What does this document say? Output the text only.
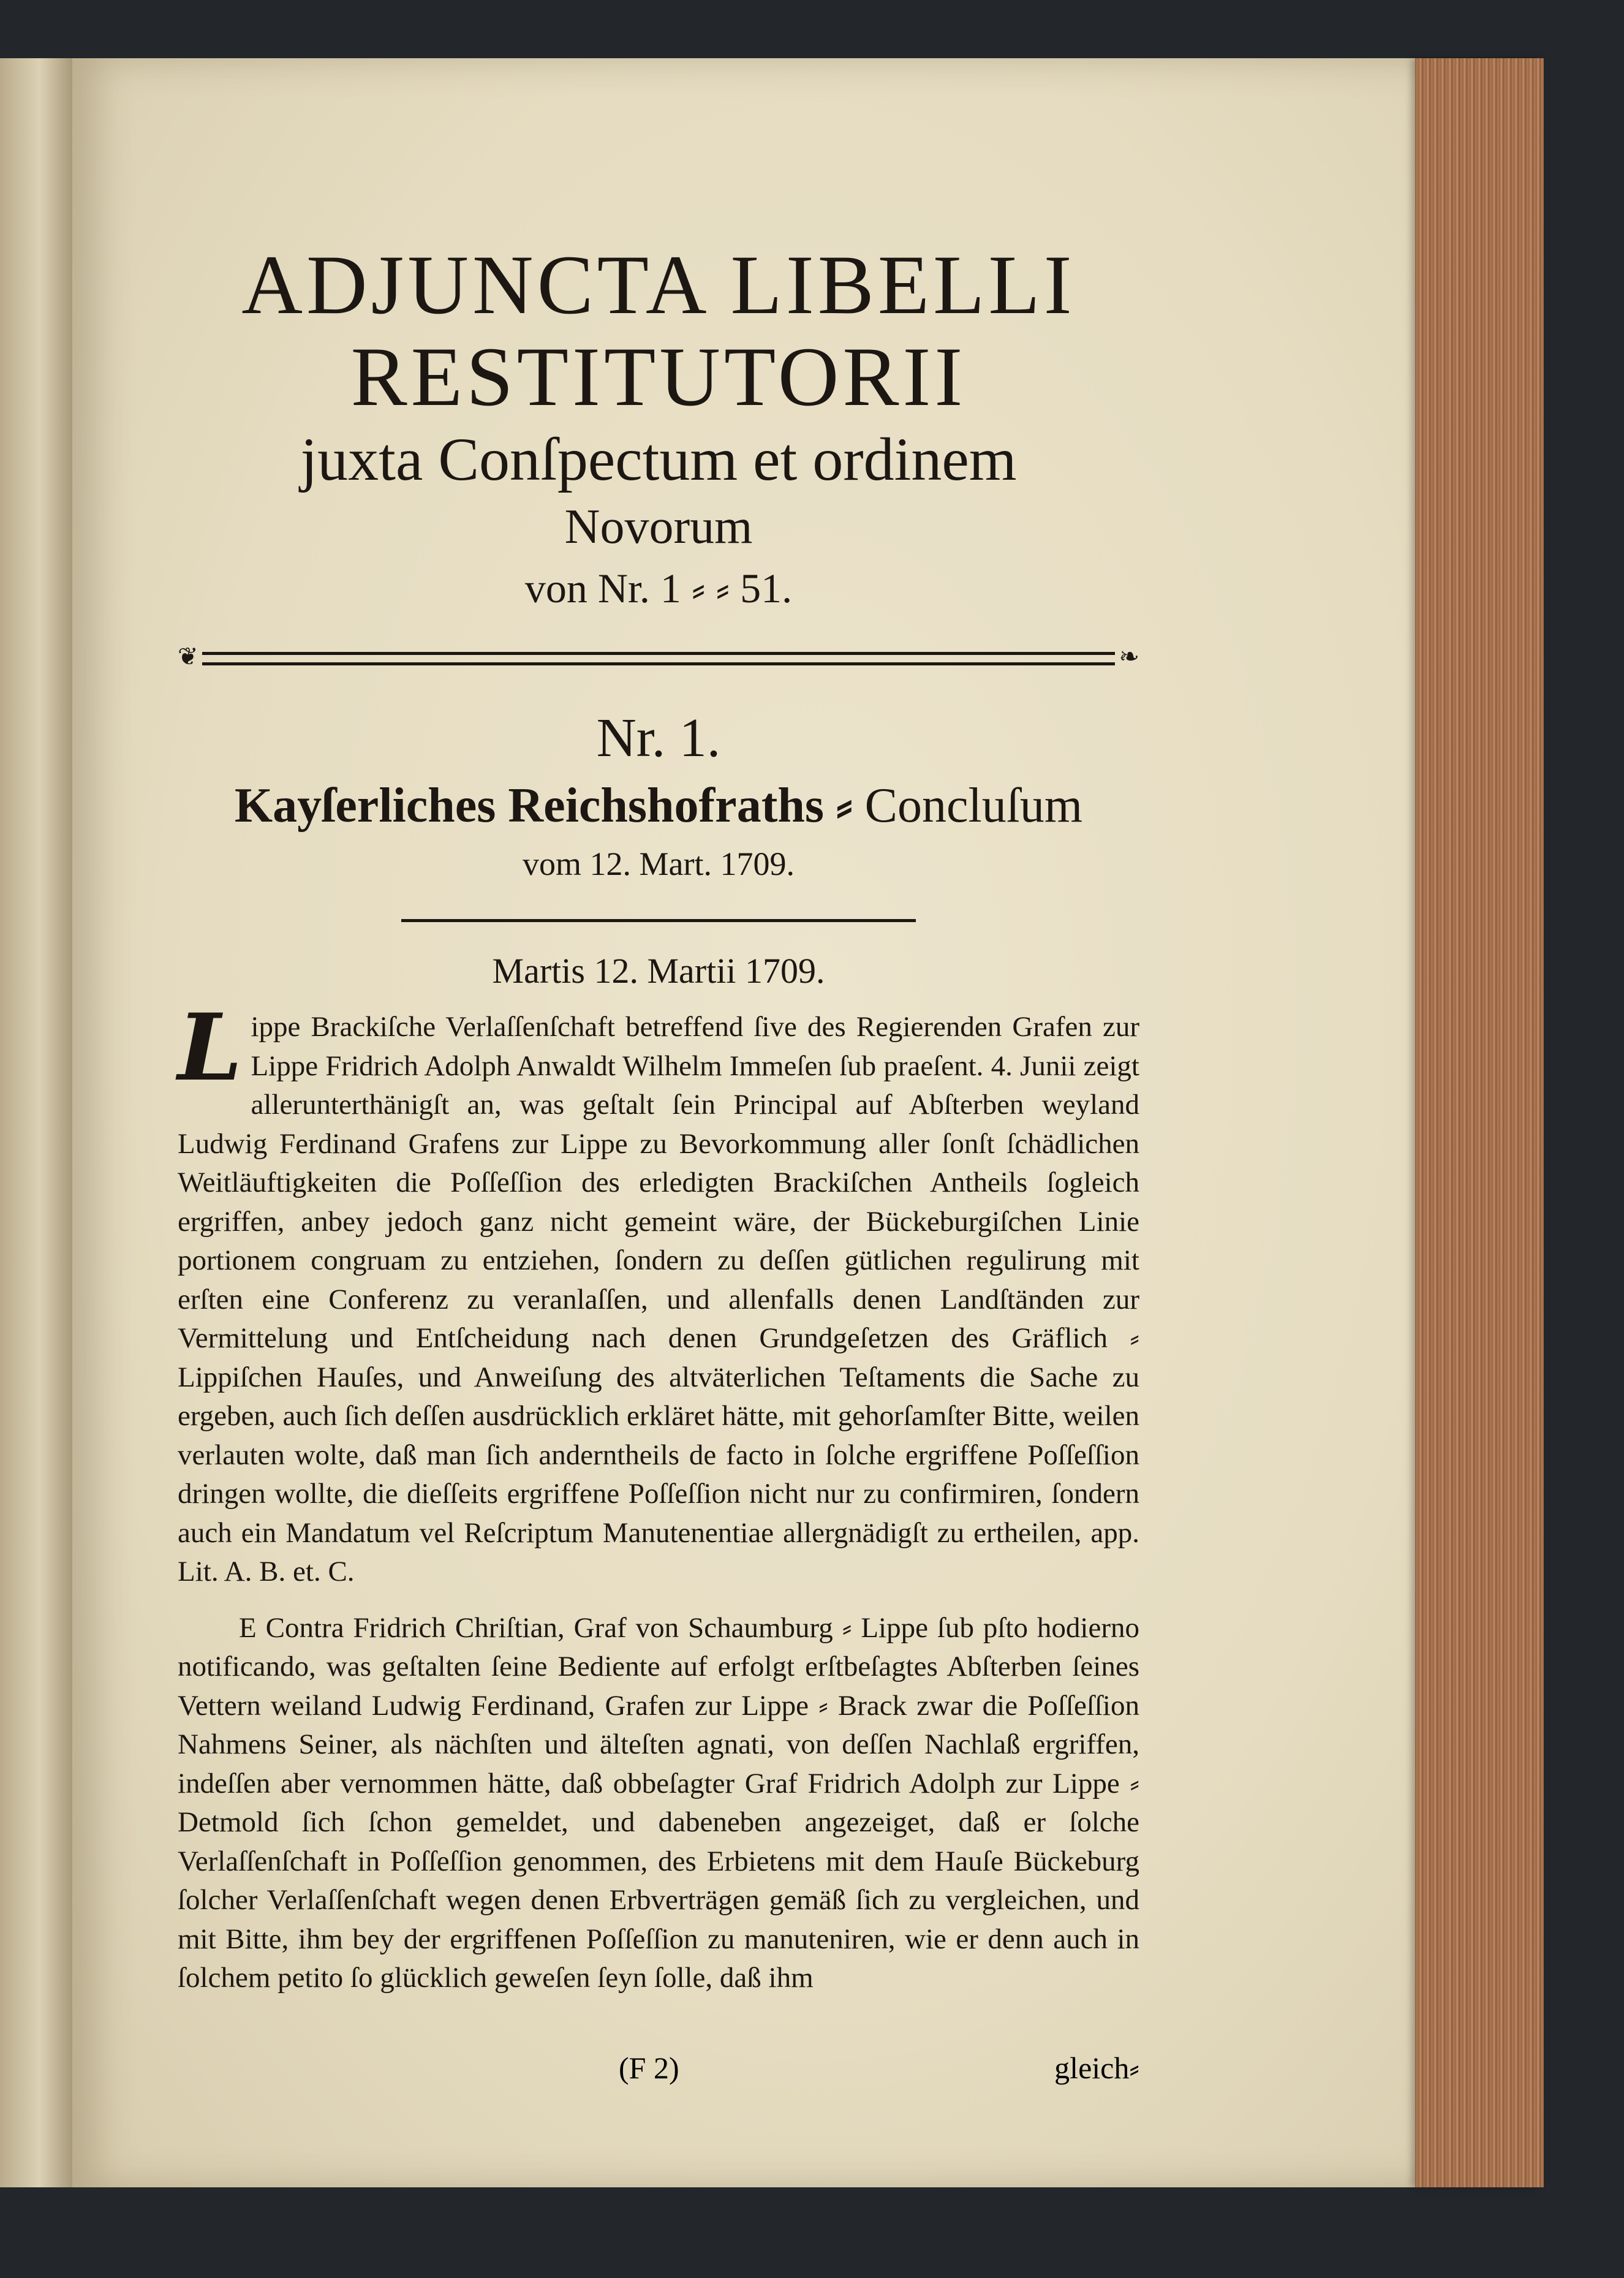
ADJUNCTA LIBELLI
RESTITUTORII

juxta Conſpectum et ordinem

Novorum

von Nr. 1 ⸗ ⸗ 51.

❦	❧

Nr. 1.

Kayſerliches Reichshofraths ⸗ Concluſum

vom 12. Mart. 1709.

Martis 12. Martii 1709.

Lippe Brackiſche Verlaſſenſchaft betreffend ſive des Regierenden Grafen zur Lippe Fridrich Adolph Anwaldt Wilhelm Immeſen ſub praeſent. 4. Junii zeigt allerunterthänigſt an, was geſtalt ſein Principal auf Abſterben weyland Ludwig Ferdinand Grafens zur Lippe zu Bevorkommung aller ſonſt ſchädlichen Weitläuftigkeiten die Poſſeſſion des erledigten Brackiſchen Antheils ſogleich ergriffen, anbey jedoch ganz nicht gemeint wäre, der Bückeburgiſchen Linie portionem congruam zu entziehen, ſondern zu deſſen gütlichen regulirung mit erſten eine Conferenz zu veranlaſſen, und allenfalls denen Landſtänden zur Vermittelung und Entſcheidung nach denen Grundgeſetzen des Gräflich ⸗ Lippiſchen Hauſes, und Anweiſung des altväterlichen Teſtaments die Sache zu ergeben, auch ſich deſſen ausdrücklich erkläret hätte, mit gehorſamſter Bitte, weilen verlauten wolte, daß man ſich anderntheils de facto in ſolche ergriffene Poſſeſſion dringen wollte, die dieſſeits ergriffene Poſſeſſion nicht nur zu confirmiren, ſondern auch ein Mandatum vel Reſcriptum Manutenentiae allergnädigſt zu ertheilen, app. Lit. A. B. et. C.

E Contra Fridrich Chriſtian, Graf von Schaumburg ⸗ Lippe ſub pſto hodierno notificando, was geſtalten ſeine Bediente auf erfolgt erſtbeſagtes Abſterben ſeines Vettern weiland Ludwig Ferdinand, Grafen zur Lippe ⸗ Brack zwar die Poſſeſſion Nahmens Seiner, als nächſten und älteſten agnati, von deſſen Nachlaß ergriffen, indeſſen aber vernommen hätte, daß obbeſagter Graf Fridrich Adolph zur Lippe ⸗ Detmold ſich ſchon gemeldet, und dabeneben angezeiget, daß er ſolche Verlaſſenſchaft in Poſſeſſion genommen, des Erbietens mit dem Hauſe Bückeburg ſolcher Verlaſſenſchaft wegen denen Erbverträgen gemäß ſich zu vergleichen, und mit Bitte, ihm bey der ergriffenen Poſſeſſion zu manuteniren, wie er denn auch in ſolchem petito ſo glücklich geweſen ſeyn ſolle, daß ihm

(F 2)	gleich⸗
